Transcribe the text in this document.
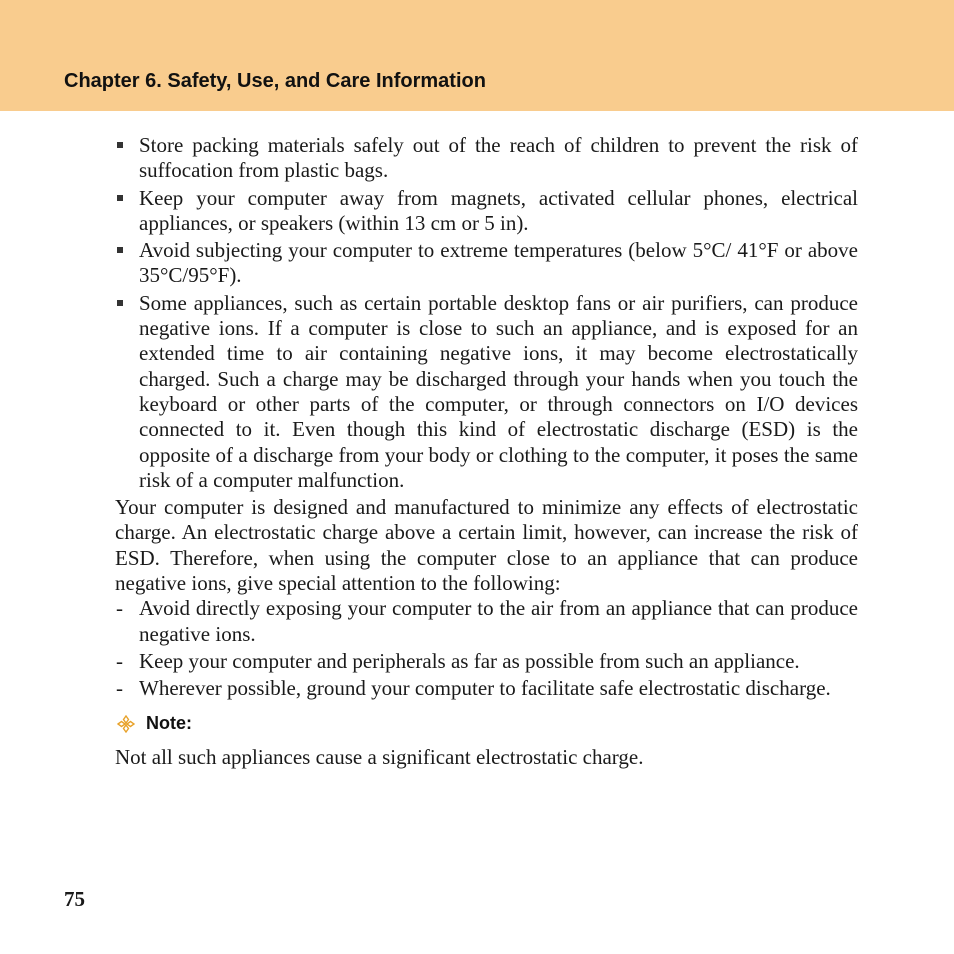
Chapter 6. Safety, Use, and Care Information
Store packing materials safely out of the reach of children to prevent the risk of suffocation from plastic bags.
Keep your computer away from magnets, activated cellular phones, electrical appliances, or speakers (within 13 cm or 5 in).
Avoid subjecting your computer to extreme temperatures (below 5°C/ 41°F or above 35°C/95°F).
Some appliances, such as certain portable desktop fans or air purifiers, can produce negative ions. If a computer is close to such an appliance, and is exposed for an extended time to air containing negative ions, it may become electrostatically charged. Such a charge may be discharged through your hands when you touch the keyboard or other parts of the computer, or through connectors on I/O devices connected to it. Even though this kind of electrostatic discharge (ESD) is the opposite of a discharge from your body or clothing to the computer, it poses the same risk of a computer malfunction.

Your computer is designed and manufactured to minimize any effects of electrostatic charge. An electrostatic charge above a certain limit, however, can increase the risk of ESD. Therefore, when using the computer close to an appliance that can produce negative ions, give special attention to the following:

- Avoid directly exposing your computer to the air from an appliance that can produce negative ions.
- Keep your computer and peripherals as far as possible from such an appliance.
- Wherever possible, ground your computer to facilitate safe electrostatic discharge.
Note:

Not all such appliances cause a significant electrostatic charge.

75
